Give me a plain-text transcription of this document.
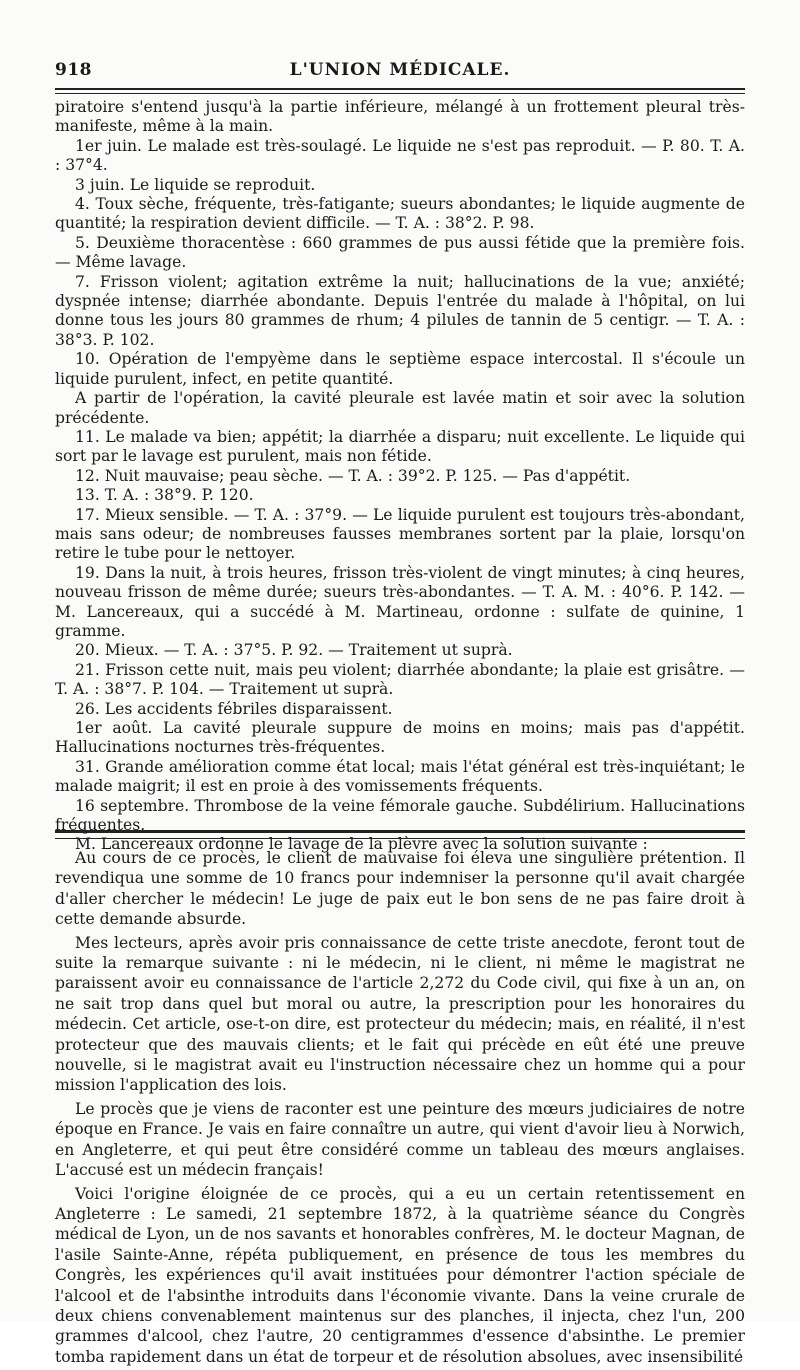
918	L'UNION MÉDICALE.

piratoire s'entend jusqu'à la partie inférieure, mélangé à un frottement pleural très-manifeste, même à la main.

1er juin. Le malade est très-soulagé. Le liquide ne s'est pas reproduit. — P. 80. T. A. : 37°4.

3 juin. Le liquide se reproduit.

4. Toux sèche, fréquente, très-fatigante; sueurs abondantes; le liquide augmente de quantité; la respiration devient difficile. — T. A. : 38°2. P. 98.

5. Deuxième thoracentèse : 660 grammes de pus aussi fétide que la première fois. — Même lavage.

7. Frisson violent; agitation extrême la nuit; hallucinations de la vue; anxiété; dyspnée intense; diarrhée abondante. Depuis l'entrée du malade à l'hôpital, on lui donne tous les jours 80 grammes de rhum; 4 pilules de tannin de 5 centigr. — T. A. : 38°3. P. 102.

10. Opération de l'empyème dans le septième espace intercostal. Il s'écoule un liquide purulent, infect, en petite quantité.

A partir de l'opération, la cavité pleurale est lavée matin et soir avec la solution précédente.

11. Le malade va bien; appétit; la diarrhée a disparu; nuit excellente. Le liquide qui sort par le lavage est purulent, mais non fétide.

12. Nuit mauvaise; peau sèche. — T. A. : 39°2. P. 125. — Pas d'appétit.

13. T. A. : 38°9. P. 120.

17. Mieux sensible. — T. A. : 37°9. — Le liquide purulent est toujours très-abondant, mais sans odeur; de nombreuses fausses membranes sortent par la plaie, lorsqu'on retire le tube pour le nettoyer.

19. Dans la nuit, à trois heures, frisson très-violent de vingt minutes; à cinq heures, nouveau frisson de même durée; sueurs très-abondantes. — T. A. M. : 40°6. P. 142. — M. Lancereaux, qui a succédé à M. Martineau, ordonne : sulfate de quinine, 1 gramme.

20. Mieux. — T. A. : 37°5. P. 92. — Traitement ut suprà.

21. Frisson cette nuit, mais peu violent; diarrhée abondante; la plaie est grisâtre. — T. A. : 38°7. P. 104. — Traitement ut suprà.

26. Les accidents fébriles disparaissent.

1er août. La cavité pleurale suppure de moins en moins; mais pas d'appétit. Hallucinations nocturnes très-fréquentes.

31. Grande amélioration comme état local; mais l'état général est très-inquiétant; le malade maigrit; il est en proie à des vomissements fréquents.

16 septembre. Thrombose de la veine fémorale gauche. Subdélirium. Hallucinations fréquentes.

M. Lancereaux ordonne le lavage de la plèvre avec la solution suivante :

Au cours de ce procès, le client de mauvaise foi éleva une singulière prétention. Il revendiqua une somme de 10 francs pour indemniser la personne qu'il avait chargée d'aller chercher le médecin! Le juge de paix eut le bon sens de ne pas faire droit à cette demande absurde.

Mes lecteurs, après avoir pris connaissance de cette triste anecdote, feront tout de suite la remarque suivante : ni le médecin, ni le client, ni même le magistrat ne paraissent avoir eu connaissance de l'article 2,272 du Code civil, qui fixe à un an, on ne sait trop dans quel but moral ou autre, la prescription pour les honoraires du médecin. Cet article, ose-t-on dire, est protecteur du médecin; mais, en réalité, il n'est protecteur que des mauvais clients; et le fait qui précède en eût été une preuve nouvelle, si le magistrat avait eu l'instruction nécessaire chez un homme qui a pour mission l'application des lois.

Le procès que je viens de raconter est une peinture des mœurs judiciaires de notre époque en France. Je vais en faire connaître un autre, qui vient d'avoir lieu à Norwich, en Angleterre, et qui peut être considéré comme un tableau des mœurs anglaises. L'accusé est un médecin français!

Voici l'origine éloignée de ce procès, qui a eu un certain retentissement en Angleterre : Le samedi, 21 septembre 1872, à la quatrième séance du Congrès médical de Lyon, un de nos savants et honorables confrères, M. le docteur Magnan, de l'asile Sainte-Anne, répéta publiquement, en présence de tous les membres du Congrès, les expériences qu'il avait instituées pour démontrer l'action spéciale de l'alcool et de l'absinthe introduits dans l'économie vivante. Dans la veine crurale de deux chiens convenablement maintenus sur des planches, il injecta, chez l'un, 200 grammes d'alcool, chez l'autre, 20 centigrammes d'essence d'absinthe. Le premier tomba rapidement dans un état de torpeur et de résolution absolues, avec insensibilité
